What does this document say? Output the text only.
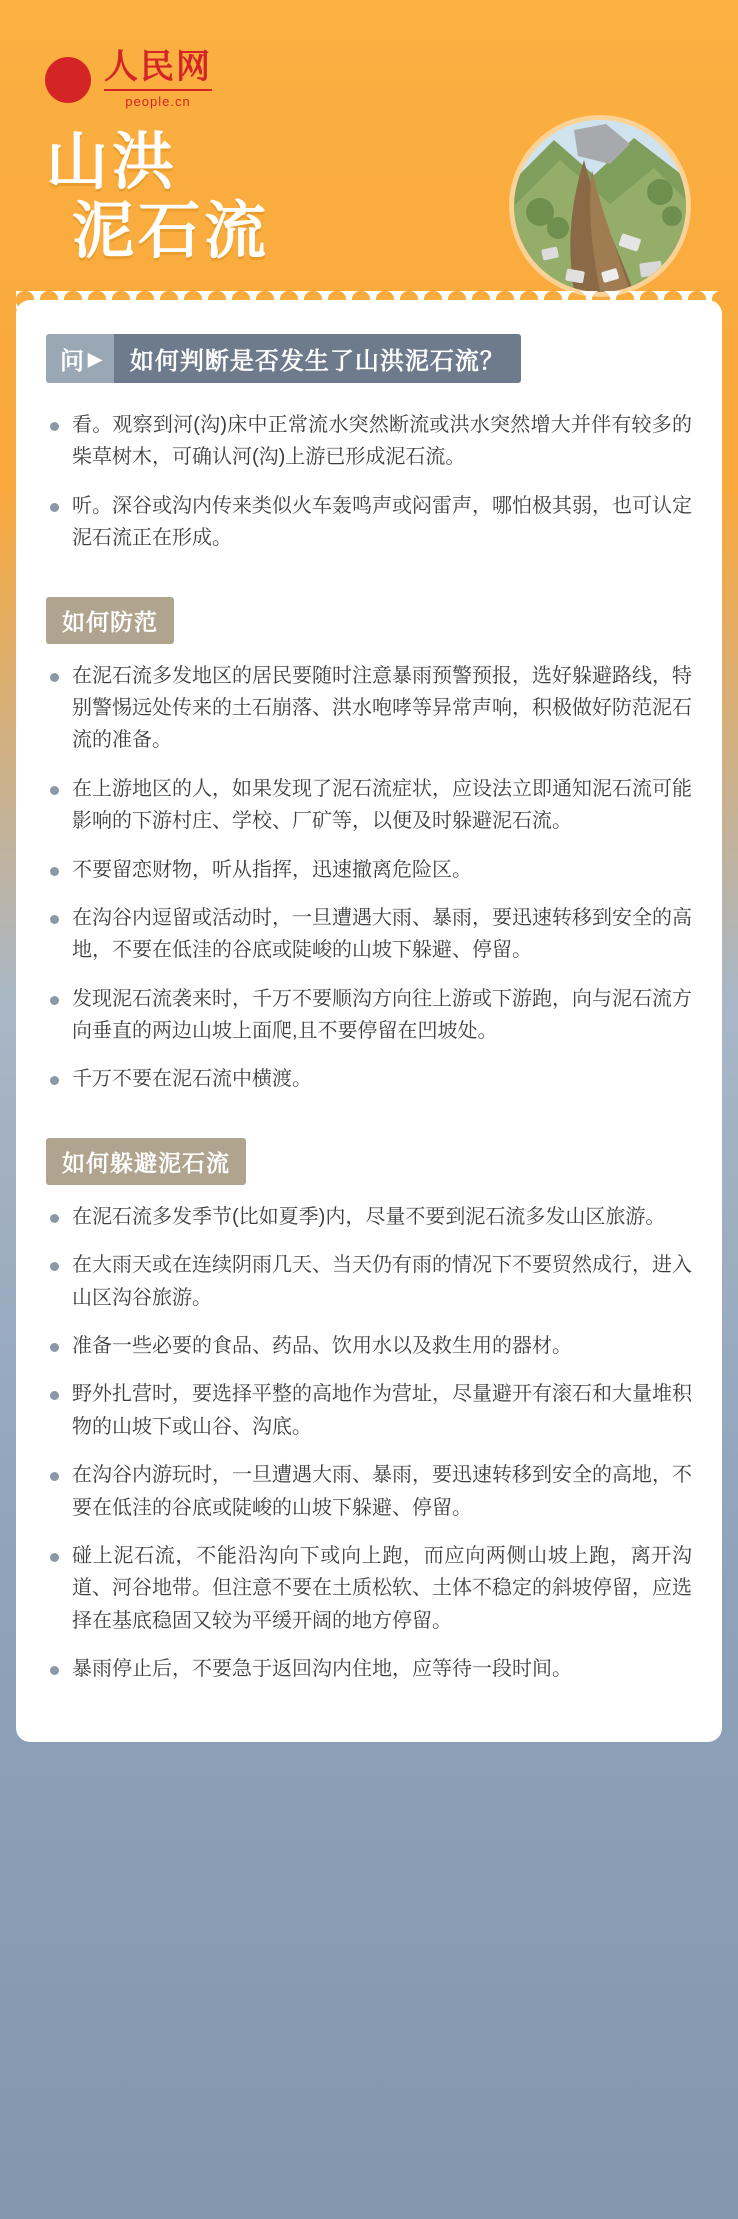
人民网
people.cn
山洪
泥石流
问 ▶	如何判断是否发生了山洪泥石流？
看。观察到河(沟)床中正常流水突然断流或洪水突然增大并伴有较多的柴草树木，可确认河(沟)上游已形成泥石流。
听。深谷或沟内传来类似火车轰鸣声或闷雷声，哪怕极其弱，也可认定泥石流正在形成。
如何防范
在泥石流多发地区的居民要随时注意暴雨预警预报，选好躲避路线，特别警惕远处传来的土石崩落、洪水咆哮等异常声响，积极做好防范泥石流的准备。
在上游地区的人，如果发现了泥石流症状，应设法立即通知泥石流可能影响的下游村庄、学校、厂矿等，以便及时躲避泥石流。
不要留恋财物，听从指挥，迅速撤离危险区。
在沟谷内逗留或活动时，一旦遭遇大雨、暴雨，要迅速转移到安全的高地，不要在低洼的谷底或陡峻的山坡下躲避、停留。
发现泥石流袭来时，千万不要顺沟方向往上游或下游跑，向与泥石流方向垂直的两边山坡上面爬,且不要停留在凹坡处。
千万不要在泥石流中横渡。
如何躲避泥石流
在泥石流多发季节(比如夏季)内，尽量不要到泥石流多发山区旅游。
在大雨天或在连续阴雨几天、当天仍有雨的情况下不要贸然成行，进入山区沟谷旅游。
准备一些必要的食品、药品、饮用水以及救生用的器材。
野外扎营时，要选择平整的高地作为营址，尽量避开有滚石和大量堆积物的山坡下或山谷、沟底。
在沟谷内游玩时，一旦遭遇大雨、暴雨，要迅速转移到安全的高地，不要在低洼的谷底或陡峻的山坡下躲避、停留。
碰上泥石流，不能沿沟向下或向上跑，而应向两侧山坡上跑，离开沟道、河谷地带。但注意不要在土质松软、土体不稳定的斜坡停留，应选择在基底稳固又较为平缓开阔的地方停留。
暴雨停止后，不要急于返回沟内住地，应等待一段时间。
